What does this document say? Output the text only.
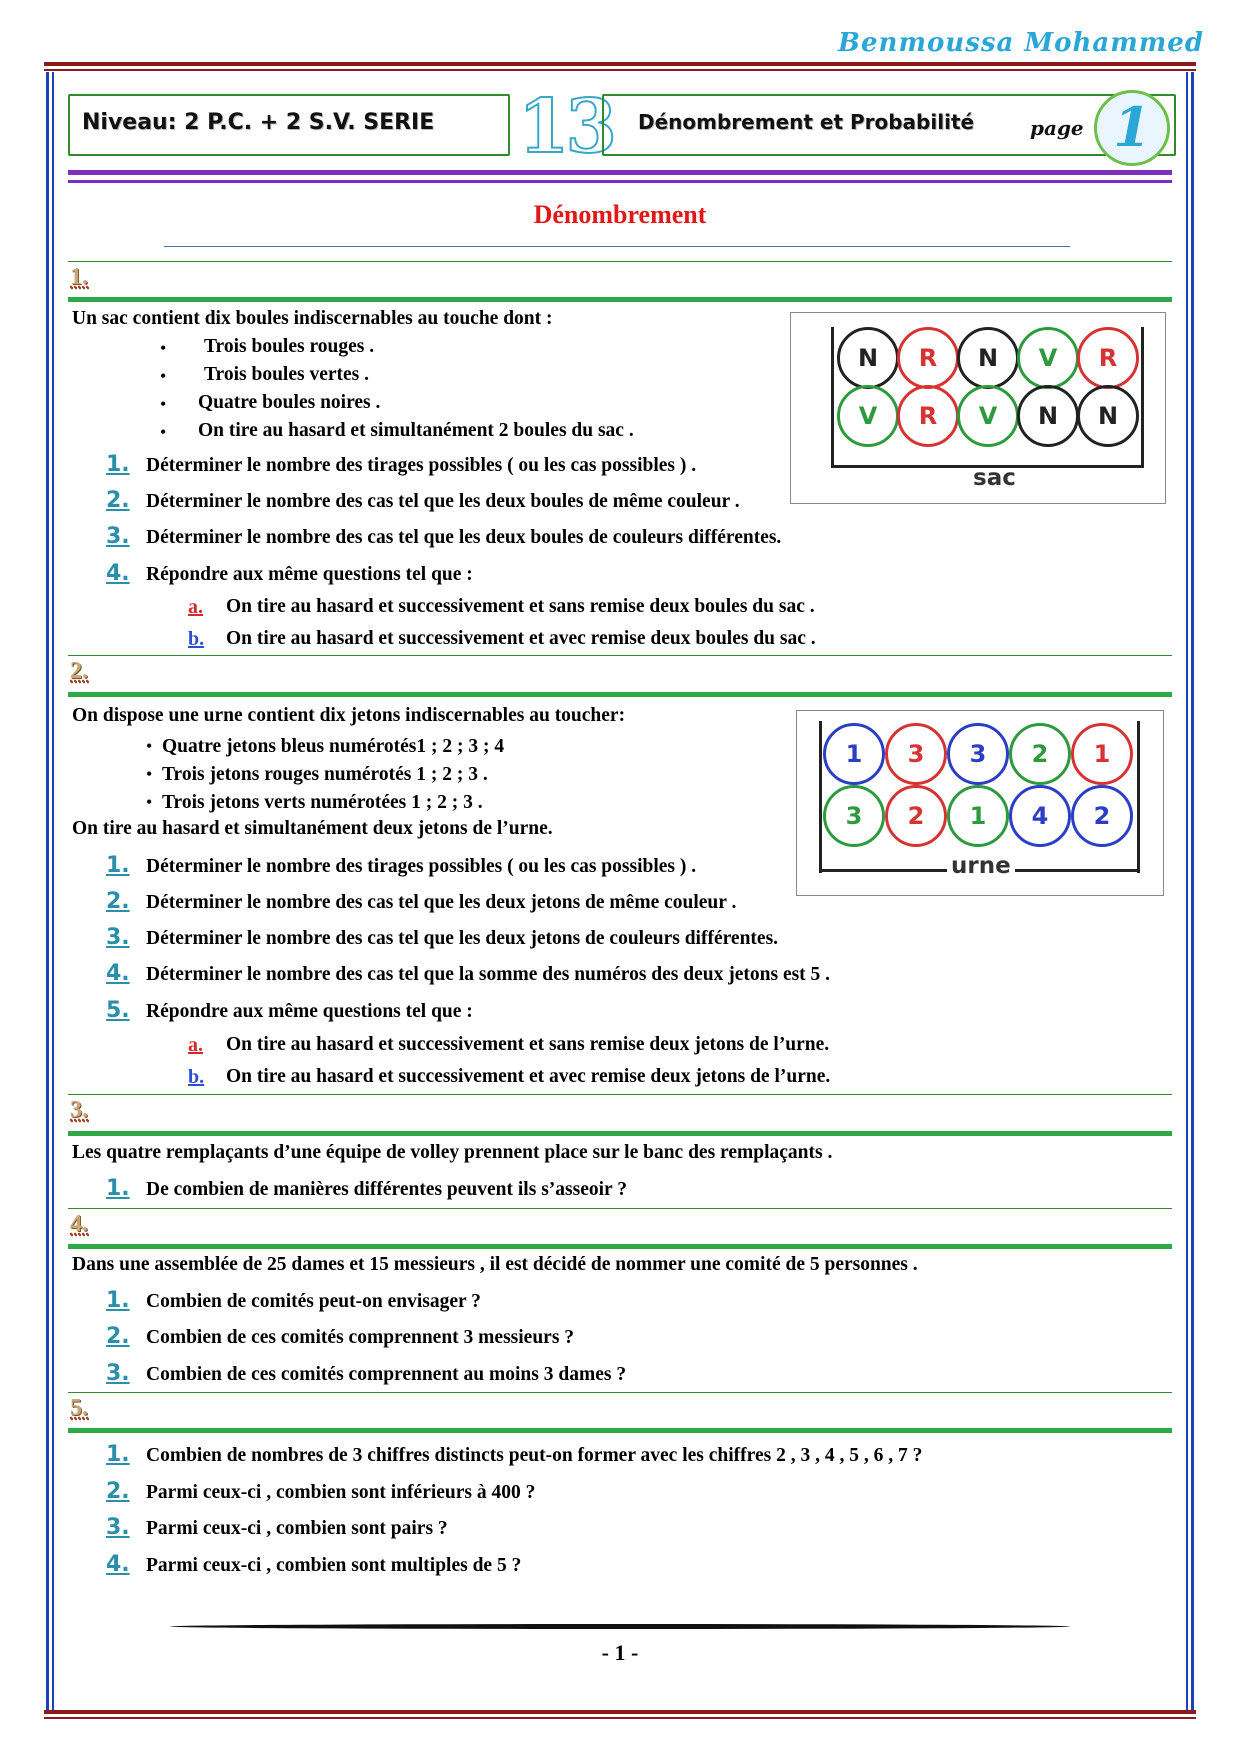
Benmoussa Mohammed
Niveau: 2 P.C. + 2 S.V. SERIE 13 Dénombrement et Probabilité	page 1
Dénombrement
1.
Un sac contient dix boules indiscernables au touche dont :
• Trois boules rouges .
• Trois boules vertes .
• Quatre boules noires .
• On tire au hasard et simultanément 2 boules du sac .
1. Déterminer le nombre des tirages possibles ( ou les cas possibles ) .
2. Déterminer le nombre des cas tel que les deux boules de même couleur .
3. Déterminer le nombre des cas tel que les deux boules de couleurs différentes.
4. Répondre aux même questions tel que :
a. On tire au hasard et successivement et sans remise deux boules du sac .
b. On tire au hasard et successivement et avec remise deux boules du sac .
sac
N	R	N	V	R
V	R	V	N	N
2.
On dispose une urne contient dix jetons indiscernables au toucher:
• Quatre jetons bleus numérotés1 ; 2 ; 3 ; 4
• Trois jetons rouges numérotés 1 ; 2 ; 3 .
• Trois jetons verts numérotées 1 ; 2 ; 3 .
On tire au hasard et simultanément deux jetons de l’urne.
1. Déterminer le nombre des tirages possibles ( ou les cas possibles ) .
2. Déterminer le nombre des cas tel que les deux jetons de même couleur .
3. Déterminer le nombre des cas tel que les deux jetons de couleurs différentes.
4. Déterminer le nombre des cas tel que la somme des numéros des deux jetons est 5 .
5. Répondre aux même questions tel que :
a. On tire au hasard et successivement et sans remise deux jetons de l’urne.
b. On tire au hasard et successivement et avec remise deux jetons de l’urne.
urne
1	3	3	2	1
3	2	1	4	2
3.
Les quatre remplaçants d’une équipe de volley prennent place sur le banc des remplaçants .
1. De combien de manières différentes peuvent ils s’asseoir ?
4.
Dans une assemblée de 25 dames et 15 messieurs , il est décidé de nommer une comité de 5 personnes .
1. Combien de comités peut-on envisager ?
2. Combien de ces comités comprennent 3 messieurs ?
3. Combien de ces comités comprennent au moins 3 dames ?
5.
1. Combien de nombres de 3 chiffres distincts peut-on former avec les chiffres 2 , 3 , 4 , 5 , 6 , 7 ?
2. Parmi ceux-ci , combien sont inférieurs à 400 ?
3. Parmi ceux-ci , combien sont pairs ?
4. Parmi ceux-ci , combien sont multiples de 5 ?
- 1 -
